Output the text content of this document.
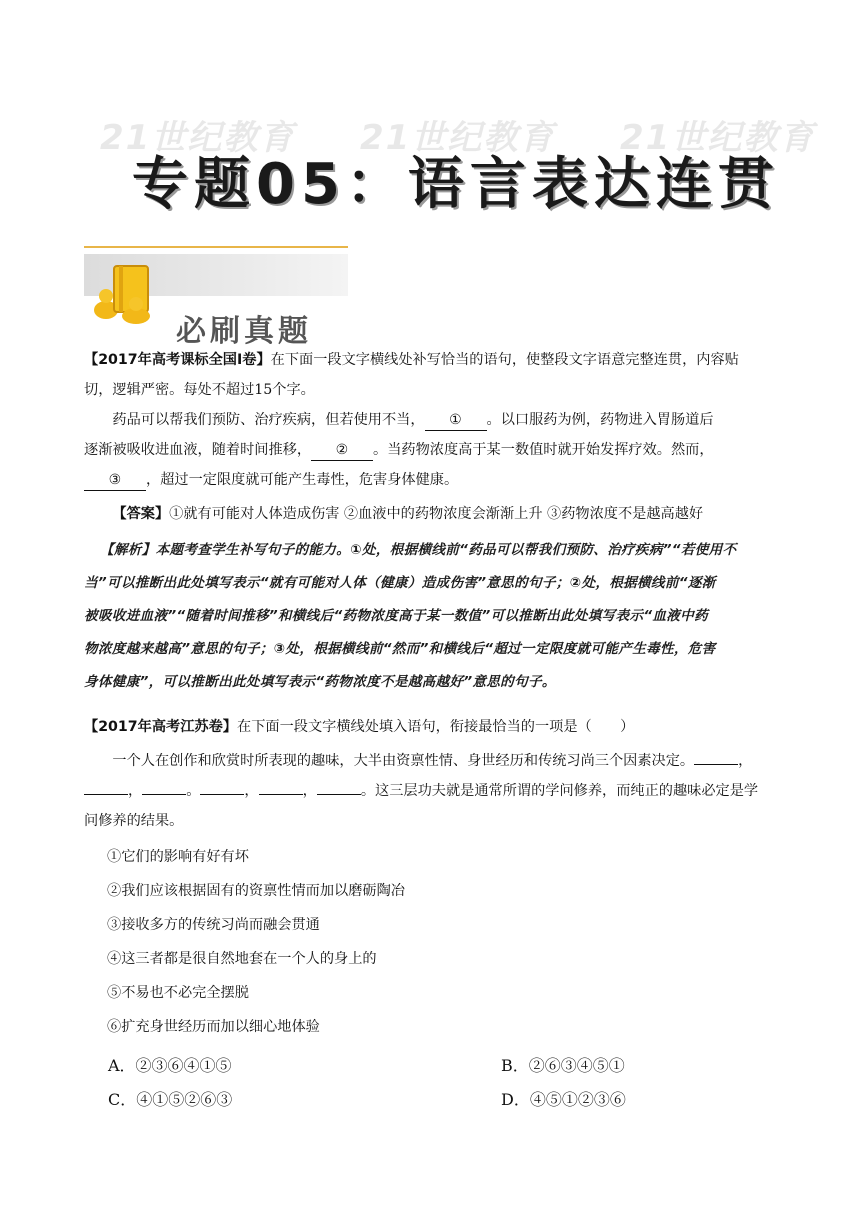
21世纪教育 21世纪教育 21世纪教育
专题05：语言表达连贯
必刷真题

【2017年高考课标全国Ⅰ卷】在下面一段文字横线处补写恰当的语句，使整段文字语意完整连贯，内容贴

切，逻辑严密。每处不超过15个字。

药品可以帮我们预防、治疗疾病，但若使用不当， ① 。以口服药为例，药物进入胃肠道后

逐渐被吸收进血液，随着时间推移， ② 。当药物浓度高于某一数值时就开始发挥疗效。然而，

③ ，超过一定限度就可能产生毒性，危害身体健康。

【答案】①就有可能对人体造成伤害 ②血液中的药物浓度会渐渐上升 ③药物浓度不是越高越好

【解析】本题考查学生补写句子的能力。①处，根据横线前“药品可以帮我们预防、治疗疾病”“若使用不

当”可以推断出此处填写表示“就有可能对人体（健康）造成伤害”意思的句子；②处，根据横线前“逐渐

被吸收进血液”“随着时间推移”和横线后“药物浓度高于某一数值”可以推断出此处填写表示“血液中药

物浓度越来越高”意思的句子；③处，根据横线前“然而”和横线后“超过一定限度就可能产生毒性，危害

身体健康”，可以推断出此处填写表示“药物浓度不是越高越好”意思的句子。

【2017年高考江苏卷】在下面一段文字横线处填入语句，衔接最恰当的一项是（　　）

一个人在创作和欣赏时所表现的趣味，大半由资禀性情、身世经历和传统习尚三个因素决定。	，

，	。	，	，	。这三层功夫就是通常所谓的学问修养，而纯正的趣味必定是学

问修养的结果。

①它们的影响有好有坏

②我们应该根据固有的资禀性情而加以磨砺陶冶

③接收多方的传统习尚而融会贯通

④这三者都是很自然地套在一个人的身上的

⑤不易也不必完全摆脱

⑥扩充身世经历而加以细心地体验

A．②③⑥④①⑤	B．②⑥③④⑤①
C．④①⑤②⑥③	D．④⑤①②③⑥
